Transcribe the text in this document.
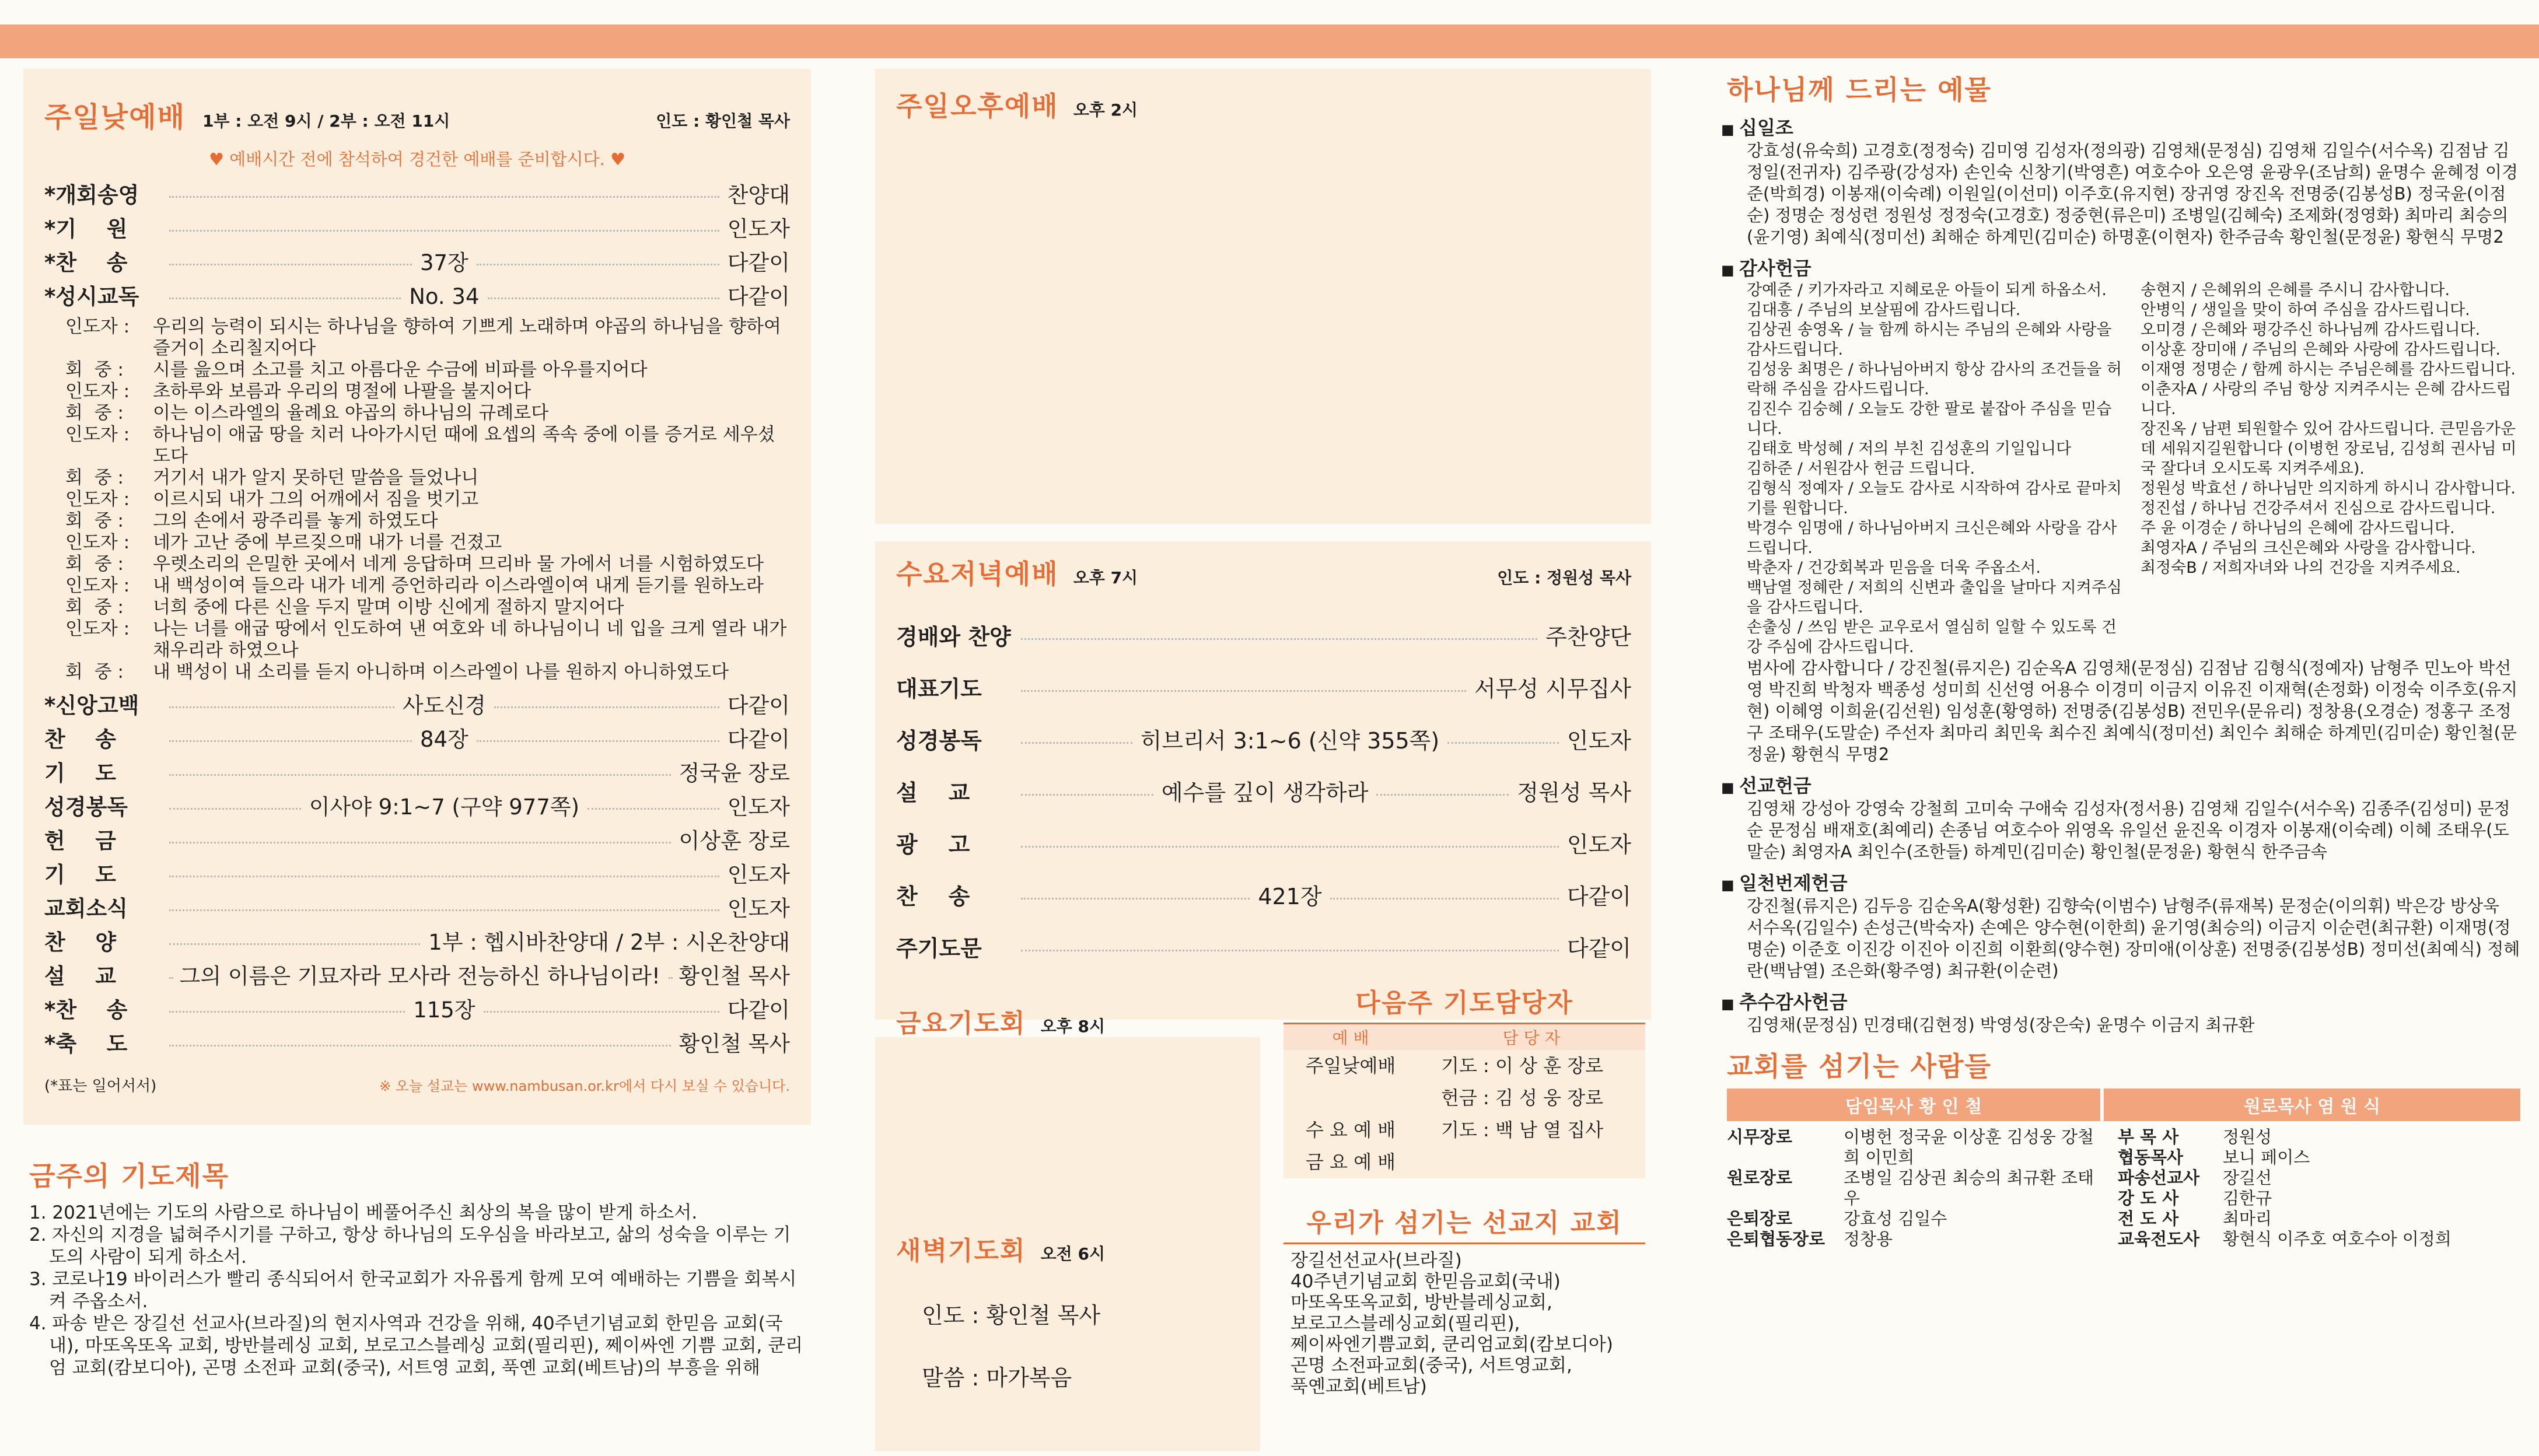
주일낮예배 1부 : 오전 9시 / 2부 : 오전 11시	인도 : 황인철 목사
♥ 예배시간 전에 참석하여 경건한 예배를 준비합시다. ♥
*개회송영	찬양대
*기    원	인도자
*찬    송	37장	다같이
*성시교독	No. 34	다같이
인도자 :	우리의 능력이 되시는 하나님을 향하여 기쁘게 노래하며 야곱의 하나님을 향하여 즐거이 소리칠지어다
회  중 :	시를 읊으며 소고를 치고 아름다운 수금에 비파를 아우를지어다
인도자 :	초하루와 보름과 우리의 명절에 나팔을 불지어다
회  중 :	이는 이스라엘의 율례요 야곱의 하나님의 규례로다
인도자 :	하나님이 애굽 땅을 치러 나아가시던 때에 요셉의 족속 중에 이를 증거로 세우셨도다
회  중 :	거기서 내가 알지 못하던 말씀을 들었나니
인도자 :	이르시되 내가 그의 어깨에서 짐을 벗기고
회  중 :	그의 손에서 광주리를 놓게 하였도다
인도자 :	네가 고난 중에 부르짖으매 내가 너를 건졌고
회  중 :	우렛소리의 은밀한 곳에서 네게 응답하며 므리바 물 가에서 너를 시험하였도다
인도자 :	내 백성이여 들으라 내가 네게 증언하리라 이스라엘이여 내게 듣기를 원하노라
회  중 :	너희 중에 다른 신을 두지 말며 이방 신에게 절하지 말지어다
인도자 :	나는 너를 애굽 땅에서 인도하여 낸 여호와 네 하나님이니 네 입을 크게 열라 내가 채우리라 하였으나
회  중 :	내 백성이 내 소리를 듣지 아니하며 이스라엘이 나를 원하지 아니하였도다
*신앙고백	사도신경	다같이
찬    송	84장	다같이
기    도	정국윤 장로
성경봉독	이사야 9:1~7 (구약 977쪽)	인도자
헌    금	이상훈 장로
기    도	인도자
교회소식	인도자
찬    양	1부 : 헵시바찬양대 / 2부 : 시온찬양대
설    교	그의 이름은 기묘자라 모사라 전능하신 하나님이라! 황인철 목사
*찬    송	115장	다같이
*축    도	황인철 목사
(*표는 일어서서)	※ 오늘 설교는 www.nambusan.or.kr에서 다시 보실 수 있습니다.
금주의 기도제목
1. 2021년에는 기도의 사람으로 하나님이 베풀어주신 최상의 복을 많이 받게 하소서.
2. 자신의 지경을 넓혀주시기를 구하고, 항상 하나님의 도우심을 바라보고, 삶의 성숙을 이루는 기도의 사람이 되게 하소서.
3. 코로나19 바이러스가 빨리 종식되어서 한국교회가 자유롭게 함께 모여 예배하는 기쁨을 회복시켜 주옵소서.
4. 파송 받은 장길선 선교사(브라질)의 현지사역과 건강을 위해, 40주년기념교회 한믿음 교회(국내), 마또옥또옥 교회, 방반블레싱 교회, 보로고스블레싱 교회(필리핀), 쩨이싸엔 기쁨 교회, 쿤리엄 교회(캄보디아), 곤명 소전파 교회(중국), 서트영 교회, 푹옌 교회(베트남)의 부흥을 위해
주일오후예배 오후 2시
수요저녁예배 오후 7시	인도 : 정원성 목사
경배와 찬양	주찬양단
대표기도	서무성 시무집사
성경봉독	히브리서 3:1~6 (신약 355쪽)	인도자
설    교	예수를 깊이 생각하라	정원성 목사
광    고	인도자
찬    송	421장	다같이
주기도문	다같이
금요기도회 오후 8시
새벽기도회 오전 6시
인도 : 황인철 목사
말씀 : 마가복음
다음주 기도담당자
예 배	담 당 자
주일낮예배	기도 : 이 상 훈 장로
헌금 : 김 성 웅 장로
수 요 예 배	기도 : 백 남 열 집사
금 요 예 배
우리가 섬기는 선교지 교회
장길선선교사(브라질)
40주년기념교회 한믿음교회(국내)
마또옥또옥교회, 방반블레싱교회,
보로고스블레싱교회(필리핀),
쩨이싸엔기쁨교회, 쿤리엄교회(캄보디아)
곤명 소전파교회(중국), 서트영교회,
푹옌교회(베트남)
하나님께 드리는 예물
■ 십일조
강효성(유숙희) 고경호(정정숙) 김미영 김성자(정의광) 김영채(문정심) 김영채 김일수(서수옥) 김점남 김정일(전귀자) 김주광(강성자) 손인숙 신창기(박영흔) 여호수아 오은영 윤광우(조남희) 윤명수 윤혜정 이경준(박희경) 이봉재(이숙례) 이원일(이선미) 이주호(유지현) 장귀영 장진옥 전명중(김봉성B) 정국윤(이점순) 정명순 정성련 정원성 정정숙(고경호) 정중현(류은미) 조병일(김혜숙) 조제화(정영화) 최마리 최승의(윤기영) 최예식(정미선) 최해순 하계민(김미순) 하명훈(이현자) 한주금속 황인철(문정윤) 황현식 무명2
■ 감사헌금
강예준 / 키가자라고 지혜로운 아들이 되게 하옵소서.
김대흥 / 주님의 보살핌에 감사드립니다.
김상권 송영옥 / 늘 함께 하시는 주님의 은혜와 사랑을 감사드립니다.
김성웅 최명은 / 하나님아버지 항상 감사의 조건들을 허락해 주심을 감사드립니다.
김진수 김숭혜 / 오늘도 강한 팔로 붙잡아 주심을 믿습니다.
김태호 박성혜 / 저의 부친 김성훈의 기일입니다
김하준 / 서원감사 헌금 드립니다.
김형식 정예자 / 오늘도 감사로 시작하여 감사로 끝마치기를 원합니다.
박경수 임명애 / 하나님아버지 크신은혜와 사랑을 감사드립니다.
박춘자 / 건강회복과 믿음을 더욱 주옵소서.
백남열 정혜란 / 저희의 신변과 출입을 날마다 지켜주심을 감사드립니다.
손출싱 / 쓰임 받은 교우로서 열심히 일할 수 있도록 건강 주심에 감사드립니다.
송현지 / 은혜위의 은혜를 주시니 감사합니다.
안병익 / 생일을 맞이 하여 주심을 감사드립니다.
오미경 / 은혜와 평강주신 하나님께 감사드립니다.
이상훈 장미애 / 주님의 은혜와 사랑에 감사드립니다.
이재영 정명순 / 함께 하시는 주님은혜를 감사드립니다.
이춘자A / 사랑의 주님 항상 지켜주시는 은혜 감사드립니다.
장진옥 / 남편 퇴원할수 있어 감사드립니다. 큰믿음가운데 세워지길원합니다 (이병헌 장로님, 김성희 권사님 미국 잘다녀 오시도록 지켜주세요).
정원성 박효선 / 하나님만 의지하게 하시니 감사합니다.
정진섭 / 하나님 건강주셔서 진심으로 감사드립니다.
주 윤 이경순 / 하나님의 은혜에 감사드립니다.
최영자A / 주님의 크신은혜와 사랑을 감사합니다.
최정숙B / 저희자녀와 나의 건강을 지켜주세요.
범사에 감사합니다 / 강진철(류지은) 김순옥A 김영채(문정심) 김점남 김형식(정예자) 남형주 민노아 박선영 박진희 박청자 백종성 성미희 신선영 어용수 이경미 이금지 이유진 이재혁(손정화) 이정숙 이주호(유지현) 이혜영 이희윤(김선원) 임성훈(황영하) 전명중(김봉성B) 전민우(문유리) 정창용(오경순) 정홍구 조정구 조태우(도말순) 주선자 최마리 최민욱 최수진 최예식(정미선) 최인수 최해순 하계민(김미순) 황인철(문정윤) 황현식 무명2
■ 선교헌금
김영채 강성아 강영숙 강철희 고미숙 구애숙 김성자(정서용) 김영채 김일수(서수옥) 김종주(김성미) 문정순 문정심 배재호(최예리) 손종님 여호수아 위영옥 유일선 윤진옥 이경자 이봉재(이숙례) 이혜 조태우(도말순) 최영자A 최인수(조한들) 하계민(김미순) 황인철(문정윤) 황현식 한주금속
■ 일천번제헌금
강진철(류지은) 김두응 김순옥A(황성환) 김향숙(이범수) 남형주(류재복) 문정순(이의휘) 박은강 방상욱 서수옥(김일수) 손성근(박숙자) 손예은 양수현(이한희) 윤기영(최승의) 이금지 이순련(최규환) 이재명(정명순) 이준호 이진강 이진아 이진희 이환희(양수현) 장미애(이상훈) 전명중(김봉성B) 정미선(최예식) 정혜란(백남열) 조은화(황주영) 최규환(이순련)
■ 추수감사헌금
김영채(문정심) 민경태(김현정) 박영성(장은숙) 윤명수 이금지 최규환
교회를 섬기는 사람들
담임목사 황 인 철	원로목사 염 원 식
시무장로	이병헌 정국윤 이상훈 김성웅 강철희 이민희
원로장로	조병일 김상권 최승의 최규환 조태우
은퇴장로	강효성 김일수
은퇴협동장로	정창용
부 목 사	정원성
협동목사	보니 페이스
파송선교사	장길선
강 도 사	김한규
전 도 사	최마리
교육전도사	황현식 이주호 여호수아 이정희
